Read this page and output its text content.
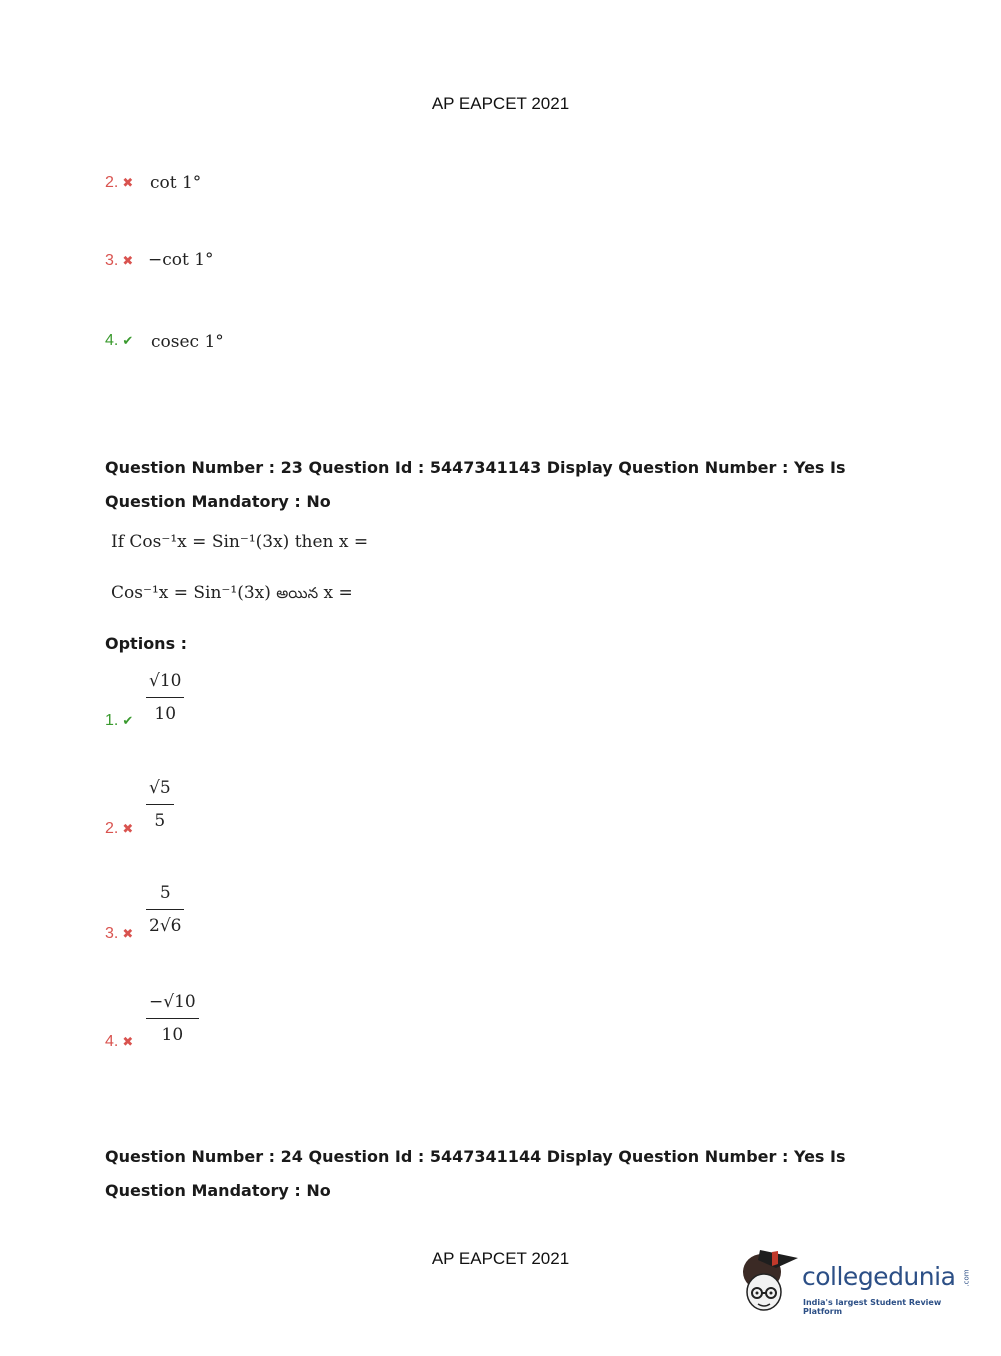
AP EAPCET 2021
2. ✖ cot 1°
3. ✖ −cot 1°
4. ✔ cosec 1°
Question Number : 23 Question Id : 5447341143 Display Question Number : Yes Is Question Mandatory : No
If Cos⁻¹x = Sin⁻¹(3x) then x =
Cos⁻¹x = Sin⁻¹(3x) అయిన x =
Options :
1. ✔
√10
10
2. ✖
√5
5
3. ✖
5
2√6
4. ✖
−√10
10
Question Number : 24 Question Id : 5447341144 Display Question Number : Yes Is Question Mandatory : No
AP EAPCET 2021
collegedunia .com
India's largest Student Review Platform
